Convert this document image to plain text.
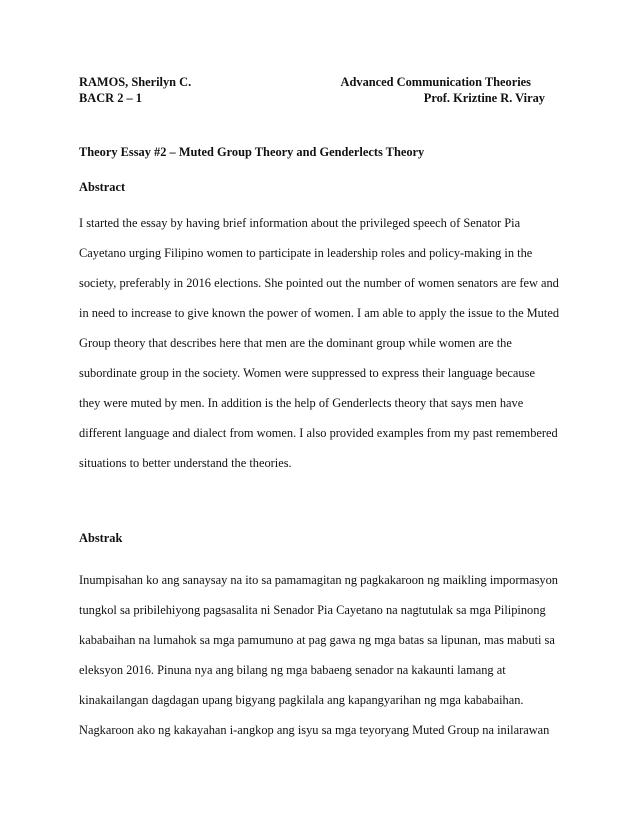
RAMOS, Sherilyn C.	Advanced Communication Theories
BACR 2 – 1	Prof. Kriztine R. Viray
Theory Essay #2 – Muted Group Theory and Genderlects Theory
Abstract
I started the essay by having brief information about the privileged speech of Senator Pia
Cayetano urging Filipino women to participate in leadership roles and policy-making in the
society, preferably in 2016 elections. She pointed out the number of women senators are few and
in need to increase to give known the power of women. I am able to apply the issue to the Muted
Group theory that describes here that men are the dominant group while women are the
subordinate group in the society. Women were suppressed to express their language because
they were muted by men. In addition is the help of Genderlects theory that says men have
different language and dialect from women. I also provided examples from my past remembered
situations to better understand the theories.
Abstrak
Inumpisahan ko ang sanaysay na ito sa pamamagitan ng pagkakaroon ng maikling impormasyon
tungkol sa pribilehiyong pagsasalita ni Senador Pia Cayetano na nagtutulak sa mga Pilipinong
kababaihan na lumahok sa mga pamumuno at pag gawa ng mga batas sa lipunan, mas mabuti sa
eleksyon 2016. Pinuna nya ang bilang ng mga babaeng senador na kakaunti lamang at
kinakailangan dagdagan upang bigyang pagkilala ang kapangyarihan ng mga kababaihan.
Nagkaroon ako ng kakayahan i-angkop ang isyu sa mga teyoryang Muted Group na inilarawan
